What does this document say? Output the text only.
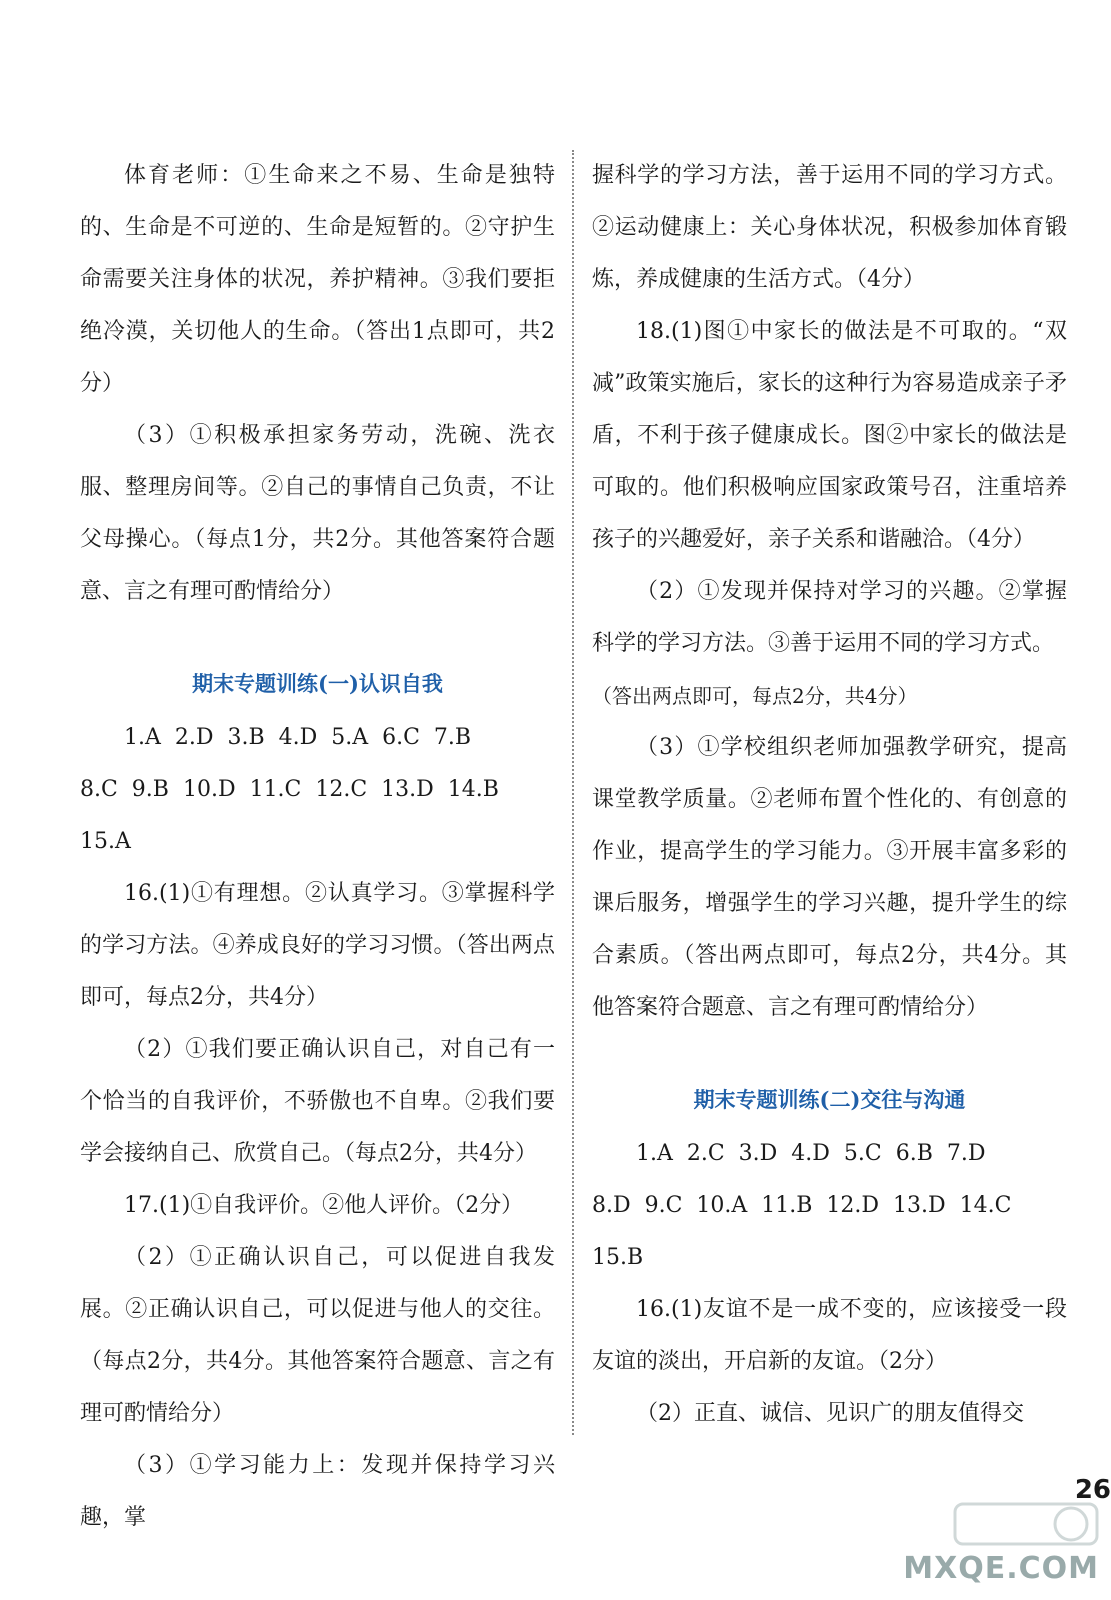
体育老师：①生命来之不易、生命是独特的、生命是不可逆的、生命是短暂的。②守护生命需要关注身体的状况，养护精神。③我们要拒绝冷漠，关切他人的生命。（答出1点即可，共2分）

（3）①积极承担家务劳动，洗碗、洗衣服、整理房间等。②自己的事情自己负责，不让父母操心。（每点1分，共2分。其他答案符合题意、言之有理可酌情给分）

期末专题训练(一)认识自我
1.A  2.D  3.B  4.D  5.A  6.C  7.B
8.C  9.B  10.D  11.C  12.C  13.D  14.B
15.A

16.(1)①有理想。②认真学习。③掌握科学的学习方法。④养成良好的学习习惯。（答出两点即可，每点2分，共4分）

（2）①我们要正确认识自己，对自己有一个恰当的自我评价，不骄傲也不自卑。②我们要学会接纳自己、欣赏自己。（每点2分，共4分）

17.(1)①自我评价。②他人评价。（2分）

（2）①正确认识自己，可以促进自我发展。②正确认识自己，可以促进与他人的交往。（每点2分，共4分。其他答案符合题意、言之有理可酌情给分）

（3）①学习能力上：发现并保持学习兴趣，掌

握科学的学习方法，善于运用不同的学习方式。②运动健康上：关心身体状况，积极参加体育锻炼，养成健康的生活方式。（4分）

18.(1)图①中家长的做法是不可取的。“双减”政策实施后，家长的这种行为容易造成亲子矛盾，不利于孩子健康成长。图②中家长的做法是可取的。他们积极响应国家政策号召，注重培养孩子的兴趣爱好，亲子关系和谐融洽。（4分）

（2）①发现并保持对学习的兴趣。②掌握科学的学习方法。③善于运用不同的学习方式。

（答出两点即可，每点2分，共4分）

（3）①学校组织老师加强教学研究，提高课堂教学质量。②老师布置个性化的、有创意的作业，提高学生的学习能力。③开展丰富多彩的课后服务，增强学生的学习兴趣，提升学生的综合素质。（答出两点即可，每点2分，共4分。其他答案符合题意、言之有理可酌情给分）

期末专题训练(二)交往与沟通
1.A  2.C  3.D  4.D  5.C  6.B  7.D
8.D  9.C  10.A  11.B  12.D  13.D  14.C
15.B

16.(1)友谊不是一成不变的，应该接受一段友谊的淡出，开启新的友谊。（2分）

（2）正直、诚信、见识广的朋友值得交

26
MXQE.COM
